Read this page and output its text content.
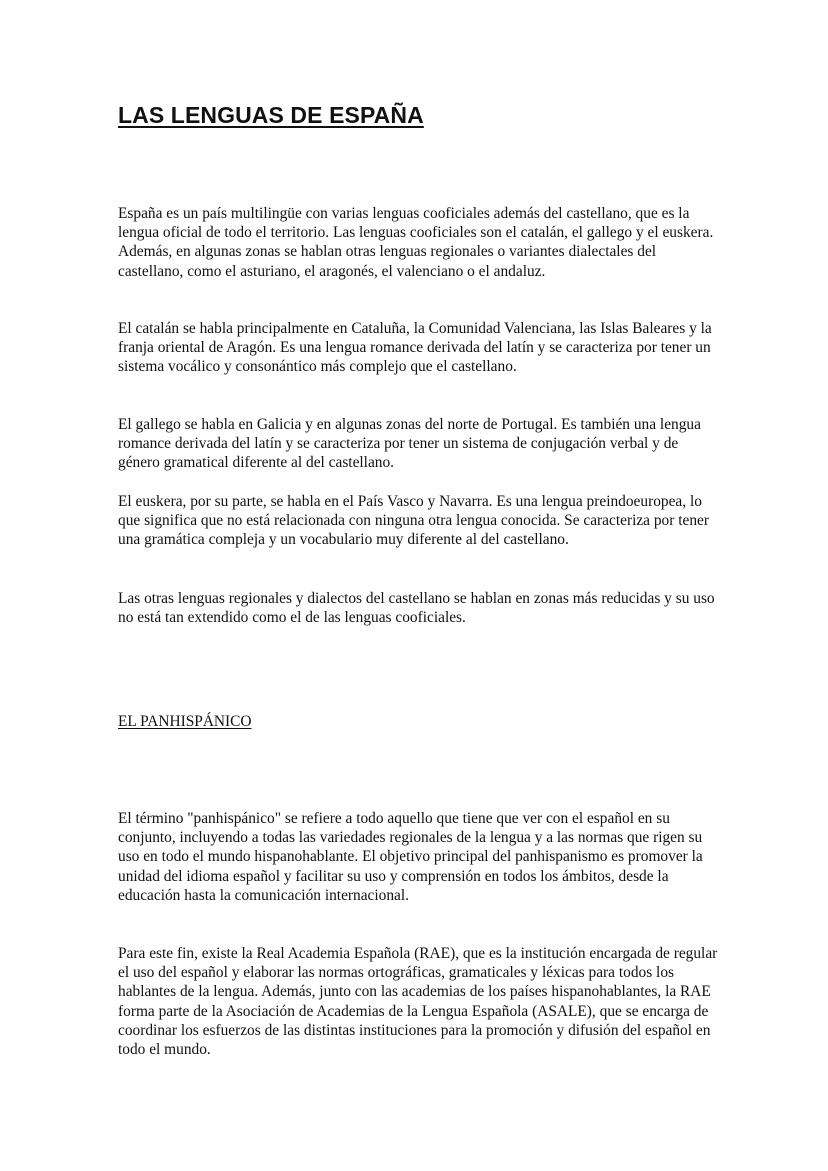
LAS LENGUAS DE ESPAÑA

España es un país multilingüe con varias lenguas cooficiales además del castellano, que es la lengua oficial de todo el territorio. Las lenguas cooficiales son el catalán, el gallego y el euskera. Además, en algunas zonas se hablan otras lenguas regionales o variantes dialectales del castellano, como el asturiano, el aragonés, el valenciano o el andaluz.

El catalán se habla principalmente en Cataluña, la Comunidad Valenciana, las Islas Baleares y la franja oriental de Aragón. Es una lengua romance derivada del latín y se caracteriza por tener un sistema vocálico y consonántico más complejo que el castellano.

El gallego se habla en Galicia y en algunas zonas del norte de Portugal. Es también una lengua romance derivada del latín y se caracteriza por tener un sistema de conjugación verbal y de género gramatical diferente al del castellano.

El euskera, por su parte, se habla en el País Vasco y Navarra. Es una lengua preindoeuropea, lo que significa que no está relacionada con ninguna otra lengua conocida. Se caracteriza por tener una gramática compleja y un vocabulario muy diferente al del castellano.

Las otras lenguas regionales y dialectos del castellano se hablan en zonas más reducidas y su uso no está tan extendido como el de las lenguas cooficiales.

EL PANHISPÁNICO

El término "panhispánico" se refiere a todo aquello que tiene que ver con el español en su conjunto, incluyendo a todas las variedades regionales de la lengua y a las normas que rigen su uso en todo el mundo hispanohablante. El objetivo principal del panhispanismo es promover la unidad del idioma español y facilitar su uso y comprensión en todos los ámbitos, desde la educación hasta la comunicación internacional.

Para este fin, existe la Real Academia Española (RAE), que es la institución encargada de regular el uso del español y elaborar las normas ortográficas, gramaticales y léxicas para todos los hablantes de la lengua. Además, junto con las academias de los países hispanohablantes, la RAE forma parte de la Asociación de Academias de la Lengua Española (ASALE), que se encarga de coordinar los esfuerzos de las distintas instituciones para la promoción y difusión del español en todo el mundo.
